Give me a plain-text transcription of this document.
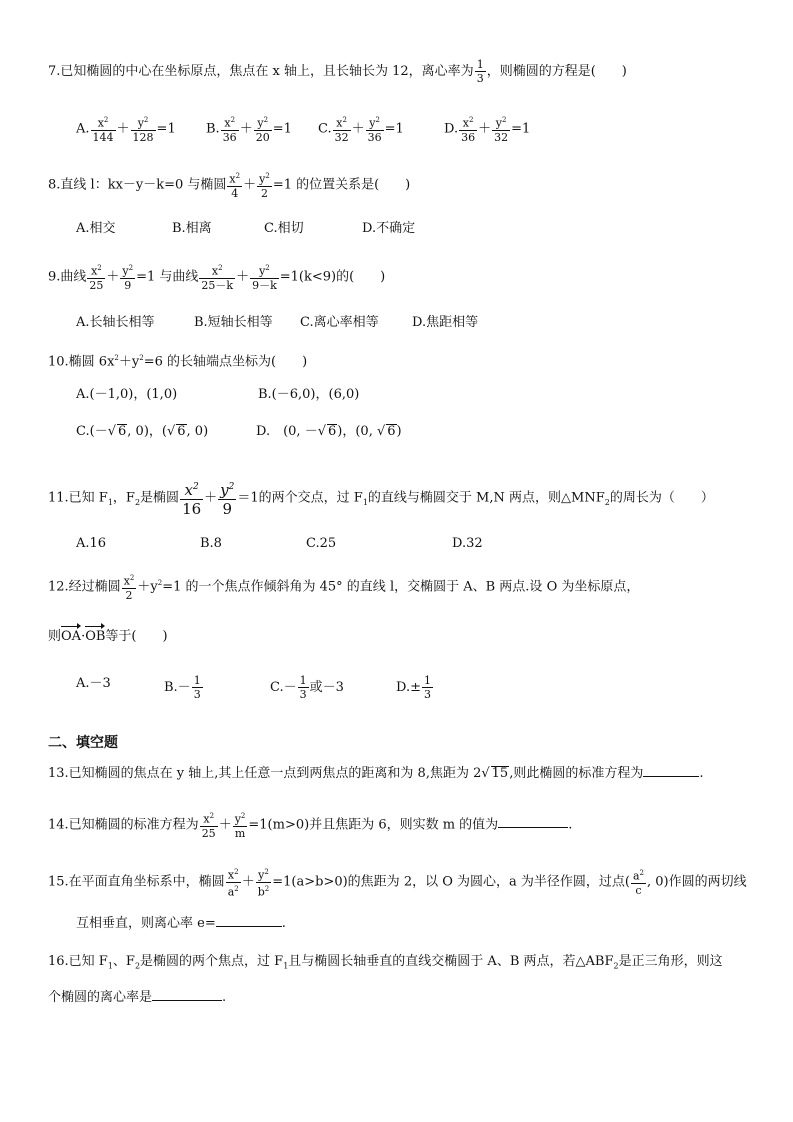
7.已知椭圆的中心在坐标原点，焦点在 x 轴上，且长轴长为 12，离心率为 $\frac{1}{3}$ ，则椭圆的方程是(　　)
A. $\frac{x^2}{144} + \frac{y^2}{128} =1$ B. $\frac{x^2}{36} + \frac{y^2}{20} =1$ C. $\frac{x^2}{32} + \frac{y^2}{36} =1$	D. $\frac{x^2}{36} + \frac{y^2}{32} =1$
8.直线 l：kx－y－k=0 与椭圆 $\frac{x^2}{4} + \frac{y^2}{2} =1$ 的位置关系是(　　)
A.相交	B.相离	C.相切	D.不确定
9.曲线 $\frac{x^2}{25} + \frac{y^2}{9} =1$ 与曲线 $\frac{x^2}{25-k} + \frac{y^2}{9-k} =1(k<9)$的(　　)
A.长轴长相等	B.短轴长相等 C.离心率相等	D.焦距相等
10.椭圆 $6x^2+y^2=6$ 的长轴端点坐标为(　　)
A.(－1,0)，(1,0)	B.(－6,0)，(6,0)
C.(－√ 6, 0)，(√ 6, 0)	D.　(0, －√ 6)，(0, √ 6)
11.已知 $F_1$，$F_2$是椭圆 $\frac{x^2}{16} + \frac{y^2}{9} =1$的两个交点，过 $F_1$的直线与椭圆交于 M,N 两点，则$\triangle MNF_2$的周长为（　　）
A.16	B.8	C.25	D.32
12.经过椭圆 $\frac{x^2}{2} +y^2=1$ 的一个焦点作倾斜角为 45° 的直线 l，交椭圆于 A、B 两点.设 O 为坐标原点，
则OA·OB等于(　　)
A.－3	$B.- \frac{1}{3}$	$C.- \frac{1}{3}$ 或－3	$D.\pm \frac{1}{3}$
二、填空题
13.已知椭圆的焦点在 y 轴上,其上任意一点到两焦点的距离和为 8,焦距为 2√ 15,则此椭圆的标准方程为	.
14.已知椭圆的标准方程为 $\frac{x^2}{25} + \frac{y^2}{m} =1(m>0)$并且焦距为 6，则实数 m 的值为	.
15.在平面直角坐标系中，椭圆 $\frac{x^2}{a^2} + \frac{y^2}{b^2} =1(a>b>0)$的焦距为 2，以 O 为圆心，a 为半径作圆，过点( $\frac{a^2}{c}$ , 0)作圆的两切线
互相垂直，则离心率 e=	.
16.已知 $F_1$、$F_2$是椭圆的两个焦点，过 $F_1$且与椭圆长轴垂直的直线交椭圆于 A、B 两点，若$\triangle ABF_2$是正三角形，则这
个椭圆的离心率是	.
